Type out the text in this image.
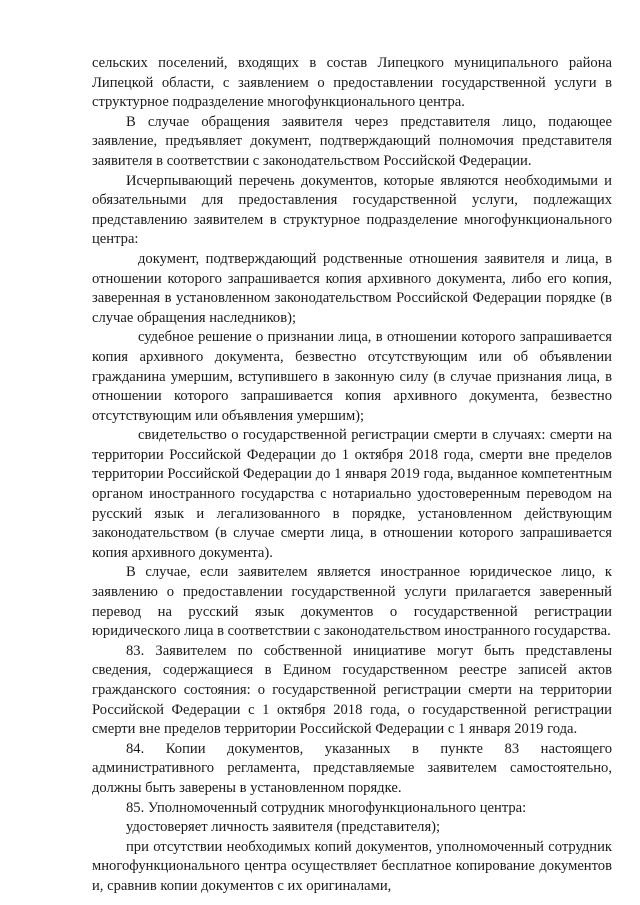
сельских поселений, входящих в состав Липецкого муниципального района Липецкой области, с заявлением о предоставлении государственной услуги в структурное подразделение многофункционального центра.

В случае обращения заявителя через представителя лицо, подающее заявление, предъявляет документ, подтверждающий полномочия представителя заявителя в соответствии с законодательством Российской Федерации.

Исчерпывающий перечень документов, которые являются необходимыми и обязательными для предоставления государственной услуги, подлежащих представлению заявителем в структурное подразделение многофункционального центра:

документ, подтверждающий родственные отношения заявителя и лица, в отношении которого запрашивается копия архивного документа, либо его копия, заверенная в установленном законодательством Российской Федерации порядке (в случае обращения наследников);

судебное решение о признании лица, в отношении которого запрашивается копия архивного документа, безвестно отсутствующим или об объявлении гражданина умершим, вступившего в законную силу (в случае признания лица, в отношении которого запрашивается копия архивного документа, безвестно отсутствующим или объявления умершим);

свидетельство о государственной регистрации смерти в случаях: смерти на территории Российской Федерации до 1 октября 2018 года, смерти вне пределов территории Российской Федерации до 1 января 2019 года, выданное компетентным органом иностранного государства с нотариально удостоверенным переводом на русский язык и легализованного в порядке, установленном действующим законодательством (в случае смерти лица, в отношении которого запрашивается копия архивного документа).

В случае, если заявителем является иностранное юридическое лицо, к заявлению о предоставлении государственной услуги прилагается заверенный перевод на русский язык документов о государственной регистрации юридического лица в соответствии с законодательством иностранного государства.

83. Заявителем по собственной инициативе могут быть представлены сведения, содержащиеся в Едином государственном реестре записей актов гражданского состояния: о государственной регистрации смерти на территории Российской Федерации с 1 октября 2018 года, о государственной регистрации смерти вне пределов территории Российской Федерации с 1 января 2019 года.

84. Копии документов, указанных в пункте 83 настоящего административного регламента, представляемые заявителем самостоятельно, должны быть заверены в установленном порядке.

85. Уполномоченный сотрудник многофункционального центра:

удостоверяет личность заявителя (представителя);

при отсутствии необходимых копий документов, уполномоченный сотрудник многофункционального центра осуществляет бесплатное копирование документов и, сравнив копии документов с их оригиналами,
